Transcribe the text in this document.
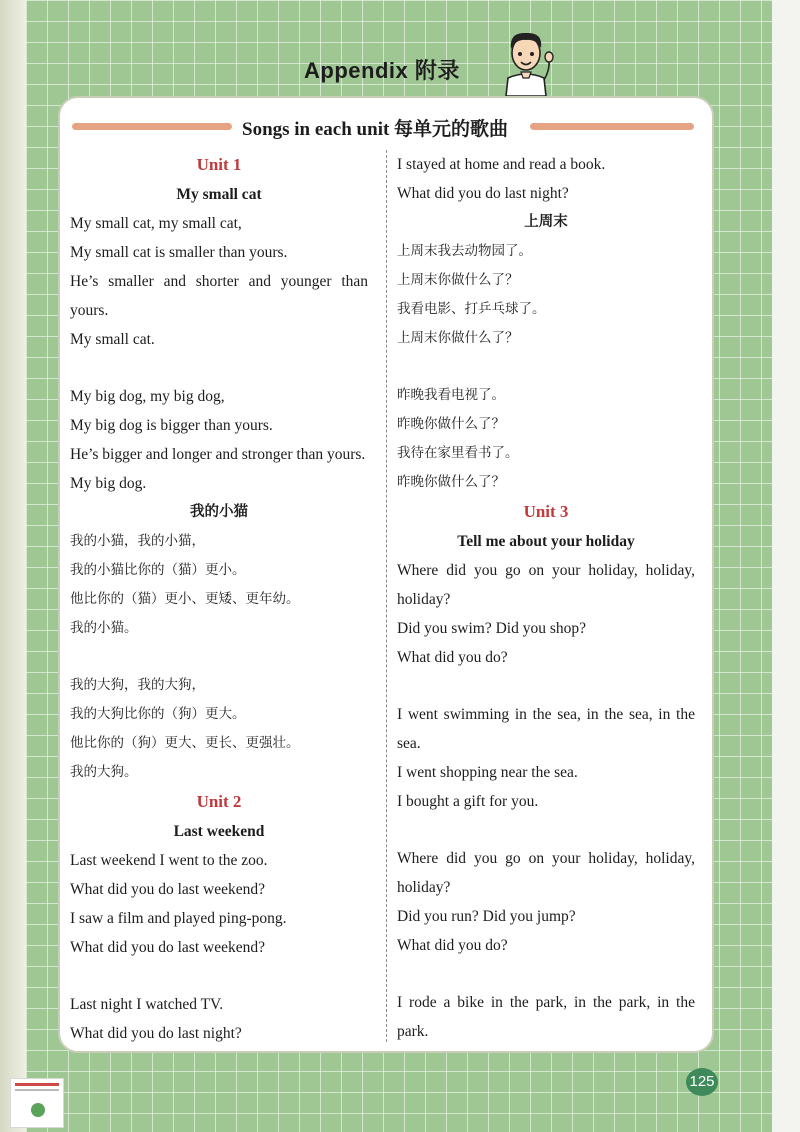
Appendix 附录
Songs in each unit 每单元的歌曲

Unit 1

My small cat

My small cat, my small cat,

My small cat is smaller than yours.

He’s smaller and shorter and younger than

yours.

My small cat.

My big dog, my big dog,

My big dog is bigger than yours.

He’s bigger and longer and stronger than yours.

My big dog.

我的小猫

我的小猫，我的小猫，

我的小猫比你的（猫）更小。

他比你的（猫）更小、更矮、更年幼。

我的小猫。

我的大狗，我的大狗，

我的大狗比你的（狗）更大。

他比你的（狗）更大、更长、更强壮。

我的大狗。

Unit 2

Last weekend

Last weekend I went to the zoo.

What did you do last weekend?

I saw a film and played ping-pong.

What did you do last weekend?

Last night I watched TV.

What did you do last night?

I stayed at home and read a book.

What did you do last night?

上周末

上周末我去动物园了。

上周末你做什么了？

我看电影、打乒乓球了。

上周末你做什么了？

昨晚我看电视了。

昨晚你做什么了？

我待在家里看书了。

昨晚你做什么了？

Unit 3

Tell me about your holiday

Where did you go on your holiday, holiday,

holiday?

Did you swim? Did you shop?

What did you do?

I went swimming in the sea, in the sea, in the

sea.

I went shopping near the sea.

I bought a gift for you.

Where did you go on your holiday, holiday,

holiday?

Did you run? Did you jump?

What did you do?

I rode a bike in the park, in the park, in the

park.

125
